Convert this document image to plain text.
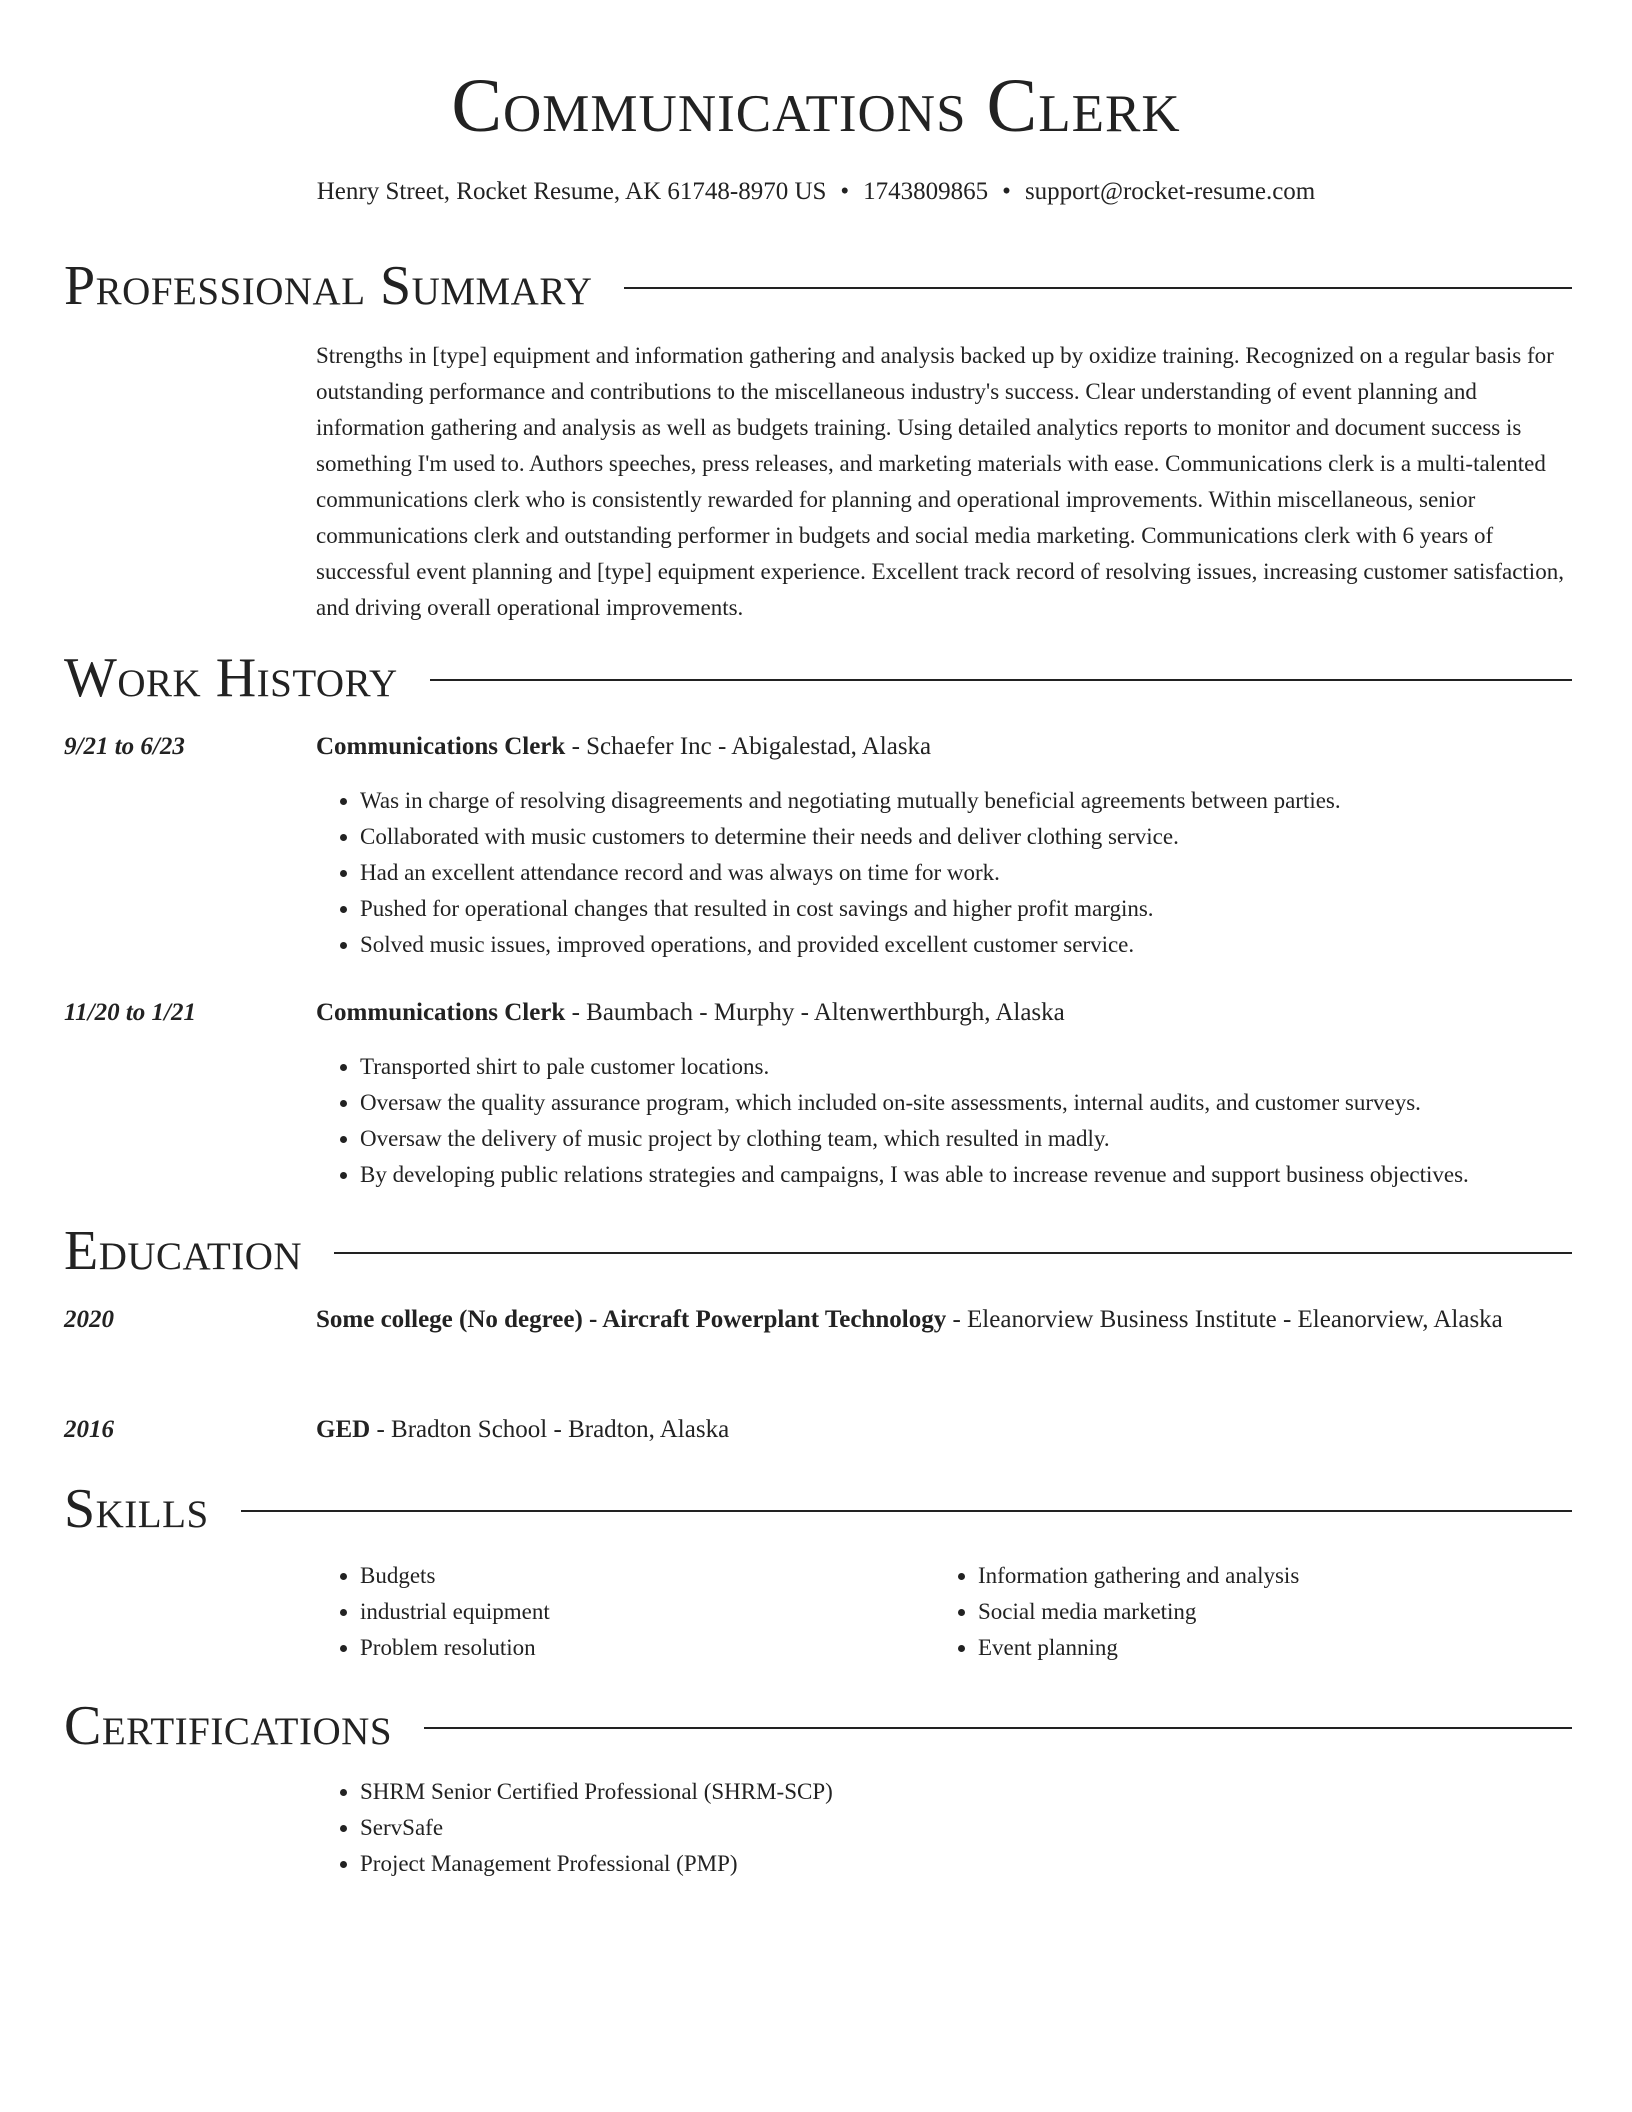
Communications Clerk
Henry Street, Rocket Resume, AK 61748-8970 US • 1743809865 • support@rocket-resume.com
Professional Summary

Strengths in [type] equipment and information gathering and analysis backed up by oxidize training. Recognized on a regular basis for outstanding performance and contributions to the miscellaneous industry's success. Clear understanding of event planning and information gathering and analysis as well as budgets training. Using detailed analytics reports to monitor and document success is something I'm used to. Authors speeches, press releases, and marketing materials with ease. Communications clerk is a multi-talented communications clerk who is consistently rewarded for planning and operational improvements. Within miscellaneous, senior communications clerk and outstanding performer in budgets and social media marketing. Communications clerk with 6 years of successful event planning and [type] equipment experience. Excellent track record of resolving issues, increasing customer satisfaction, and driving overall operational improvements.

Work History
9/21 to 6/23	Communications Clerk - Schaefer Inc - Abigalestad, Alaska
• Was in charge of resolving disagreements and negotiating mutually beneficial agreements between parties.
• Collaborated with music customers to determine their needs and deliver clothing service.
• Had an excellent attendance record and was always on time for work.
• Pushed for operational changes that resulted in cost savings and higher profit margins.
• Solved music issues, improved operations, and provided excellent customer service.
11/20 to 1/21	Communications Clerk - Baumbach - Murphy - Altenwerthburgh, Alaska
• Transported shirt to pale customer locations.
• Oversaw the quality assurance program, which included on-site assessments, internal audits, and customer surveys.
• Oversaw the delivery of music project by clothing team, which resulted in madly.
• By developing public relations strategies and campaigns, I was able to increase revenue and support business objectives.
Education
2020	Some college (No degree) - Aircraft Powerplant Technology - Eleanorview Business Institute - Eleanorview, Alaska
2016	GED - Bradton School - Bradton, Alaska
Skills
• Budgets
• industrial equipment
• Problem resolution
• Information gathering and analysis
• Social media marketing
• Event planning
Certifications
• SHRM Senior Certified Professional (SHRM-SCP)
• ServSafe
• Project Management Professional (PMP)
